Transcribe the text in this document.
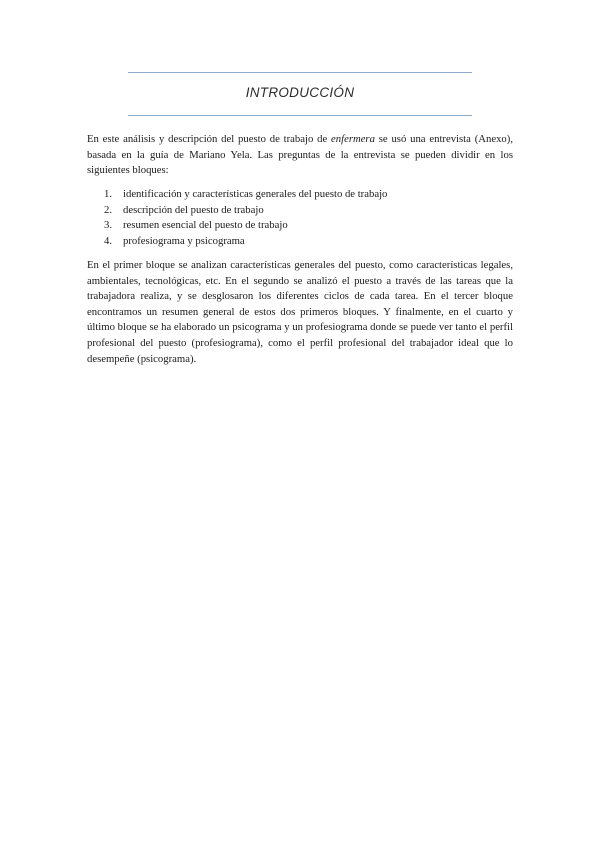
INTRODUCCIÓN

En este análisis y descripción del puesto de trabajo de enfermera se usó una entrevista (Anexo), basada en la guía de Mariano Yela. Las preguntas de la entrevista se pueden dividir en los siguientes bloques:

1. identificación y características generales del puesto de trabajo
2. descripción del puesto de trabajo
3. resumen esencial del puesto de trabajo
4. profesiograma y psicograma

En el primer bloque se analizan características generales del puesto, como características legales, ambientales, tecnológicas, etc. En el segundo se analizó el puesto a través de las tareas que la trabajadora realiza, y se desglosaron los diferentes ciclos de cada tarea. En el tercer bloque encontramos un resumen general de estos dos primeros bloques. Y finalmente, en el cuarto y último bloque se ha elaborado un psicograma y un profesiograma donde se puede ver tanto el perfil profesional del puesto (profesiograma), como el perfil profesional del trabajador ideal que lo desempeñe (psicograma).
